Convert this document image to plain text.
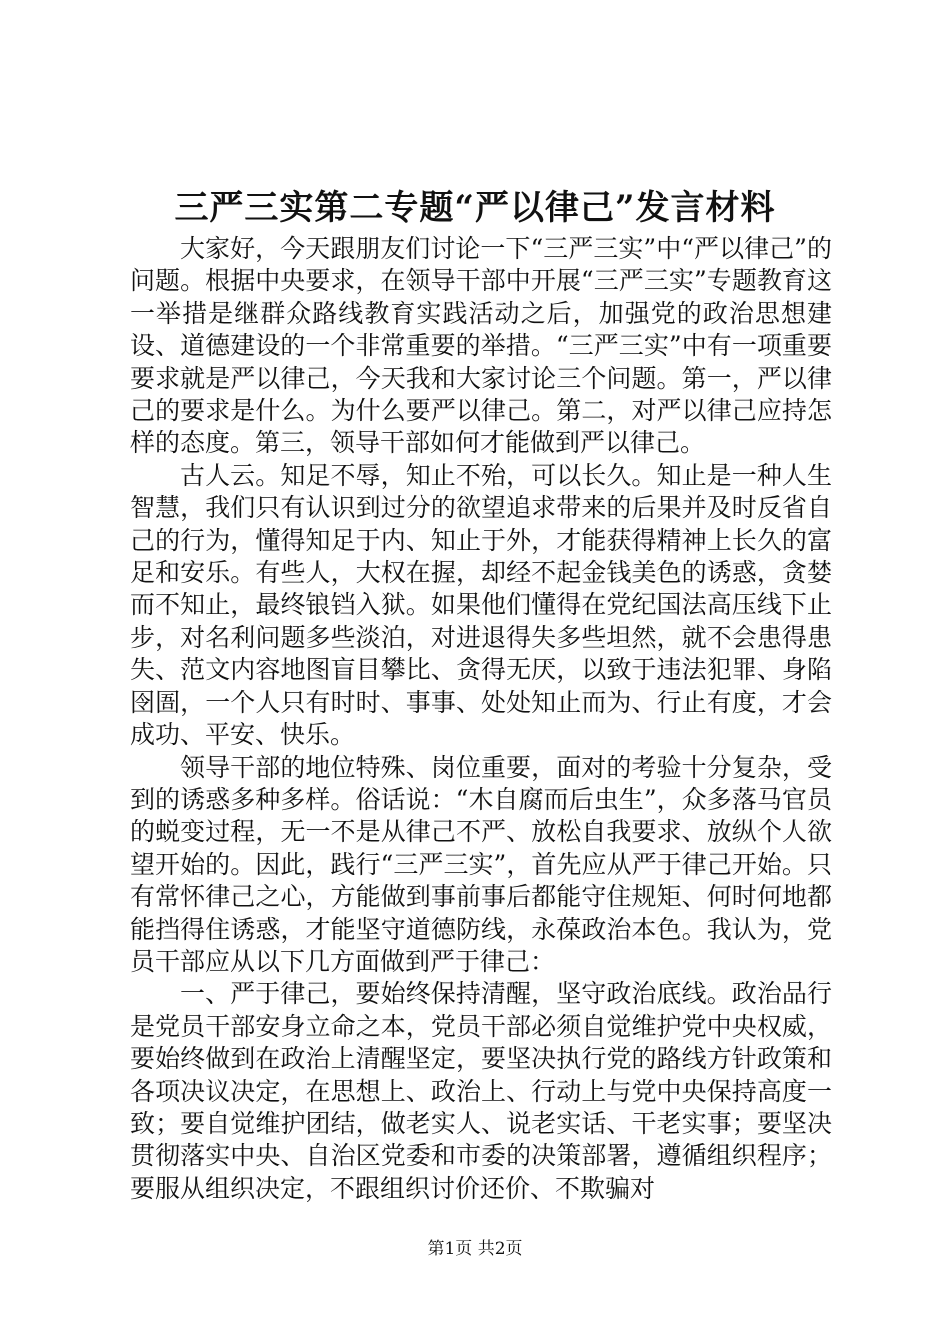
三严三实第二专题“严以律己”发言材料

大家好，今天跟朋友们讨论一下“三严三实”中“严以律己”的问题。根据中央要求，在领导干部中开展“三严三实”专题教育这一举措是继群众路线教育实践活动之后，加强党的政治思想建设、道德建设的一个非常重要的举措。“三严三实”中有一项重要要求就是严以律己，今天我和大家讨论三个问题。第一，严以律己的要求是什么。为什么要严以律己。第二，对严以律己应持怎样的态度。第三，领导干部如何才能做到严以律己。

古人云。知足不辱，知止不殆，可以长久。知止是一种人生智慧，我们只有认识到过分的欲望追求带来的后果并及时反省自己的行为，懂得知足于内、知止于外，才能获得精神上长久的富足和安乐。有些人，大权在握，却经不起金钱美色的诱惑，贪婪而不知止，最终锒铛入狱。如果他们懂得在党纪国法高压线下止步，对名利问题多些淡泊，对进退得失多些坦然，就不会患得患失、范文内容地图盲目攀比、贪得无厌，以致于违法犯罪、身陷囹圄，一个人只有时时、事事、处处知止而为、行止有度，才会成功、平安、快乐。

领导干部的地位特殊、岗位重要，面对的考验十分复杂，受到的诱惑多种多样。俗话说：“木自腐而后虫生”，众多落马官员的蜕变过程，无一不是从律己不严、放松自我要求、放纵个人欲望开始的。因此，践行“三严三实”，首先应从严于律己开始。只有常怀律己之心，方能做到事前事后都能守住规矩、何时何地都能挡得住诱惑，才能坚守道德防线，永葆政治本色。我认为，党员干部应从以下几方面做到严于律己：

一、严于律己，要始终保持清醒，坚守政治底线。政治品行是党员干部安身立命之本，党员干部必须自觉维护党中央权威，要始终做到在政治上清醒坚定，要坚决执行党的路线方针政策和各项决议决定，在思想上、政治上、行动上与党中央保持高度一致；要自觉维护团结，做老实人、说老实话、干老实事；要坚决贯彻落实中央、自治区党委和市委的决策部署，遵循组织程序；要服从组织决定，不跟组织讨价还价、不欺骗对

第1页 共2页
